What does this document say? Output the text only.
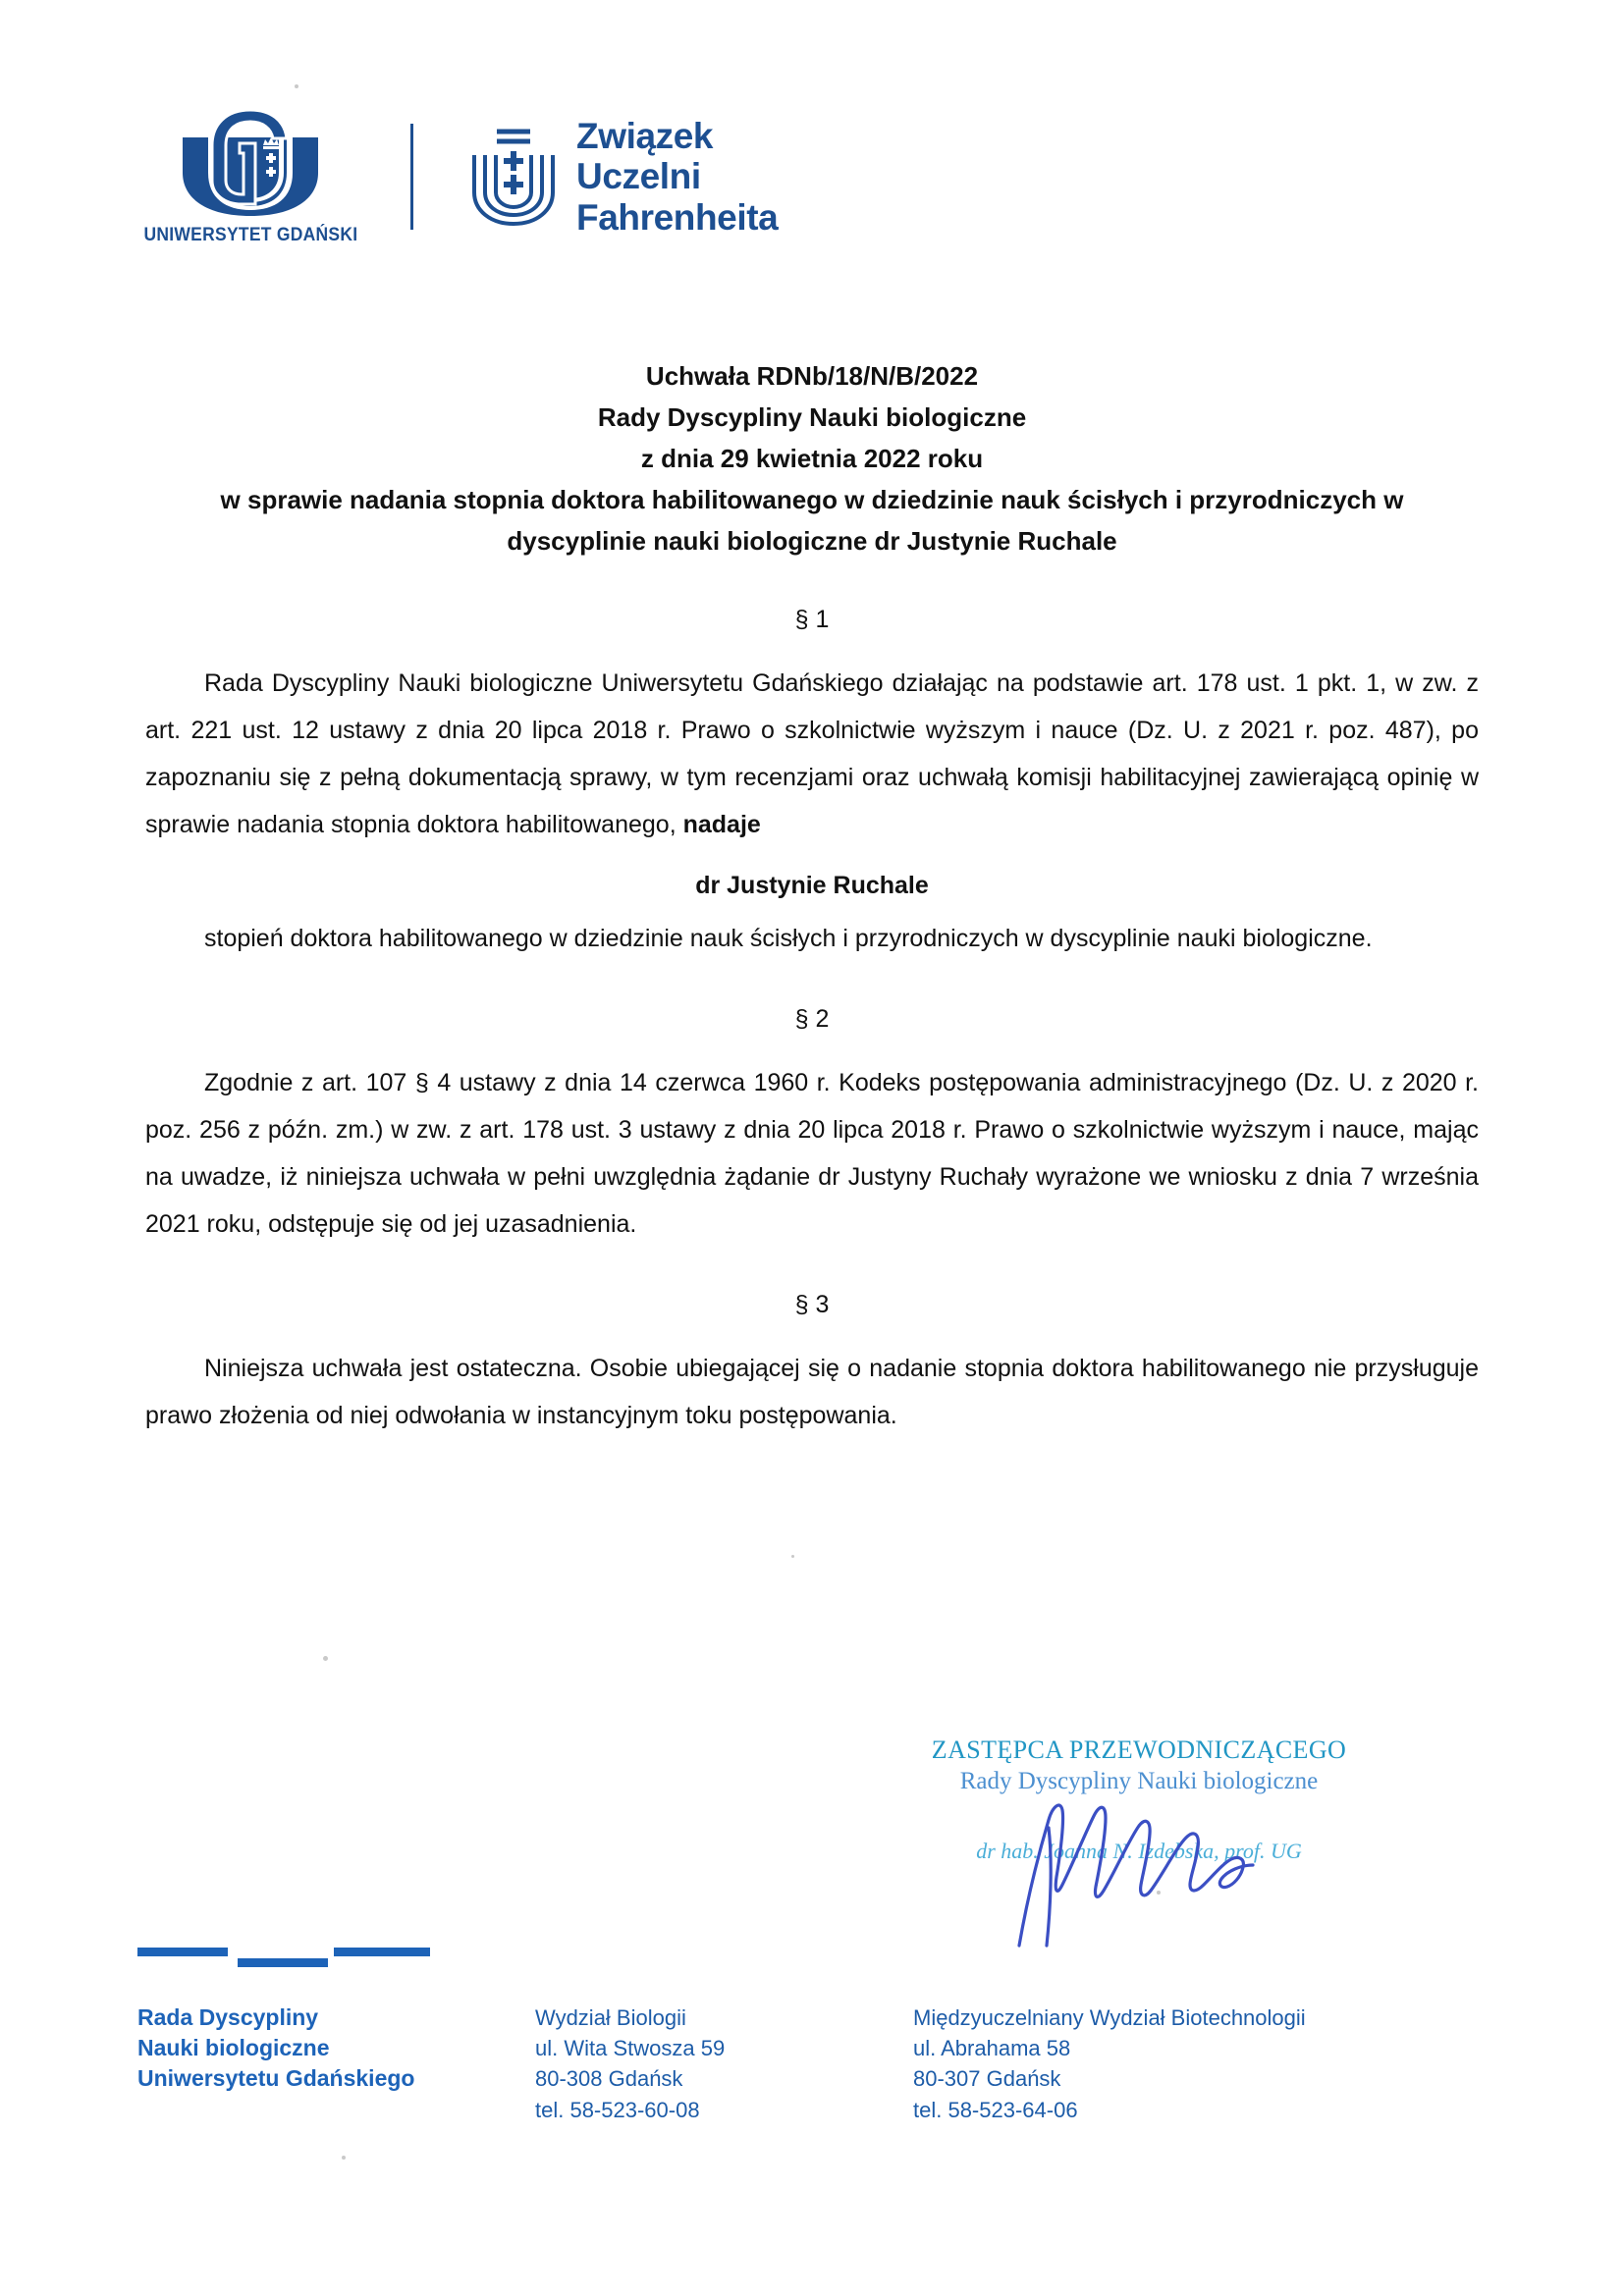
UNIWERSYTET GDAŃSKI
Związek
Uczelni
Fahrenheita
Uchwała RDNb/18/N/B/2022
Rady Dyscypliny Nauki biologiczne
z dnia 29 kwietnia 2022 roku
w sprawie nadania stopnia doktora habilitowanego w dziedzinie nauk ścisłych i przyrodniczych w
dyscyplinie nauki biologiczne dr Justynie Ruchale
§ 1

Rada Dyscypliny Nauki biologiczne Uniwersytetu Gdańskiego działając na podstawie art. 178 ust. 1 pkt. 1, w zw. z art. 221 ust. 12 ustawy z dnia 20 lipca 2018 r. Prawo o szkolnictwie wyższym i nauce (Dz. U. z 2021 r. poz. 487), po zapoznaniu się z pełną dokumentacją sprawy, w tym recenzjami oraz uchwałą komisji habilitacyjnej zawierającą opinię w sprawie nadania stopnia doktora habilitowanego, nadaje

dr Justynie Ruchale

stopień doktora habilitowanego w dziedzinie nauk ścisłych i przyrodniczych w dyscyplinie nauki biologiczne.

§ 2

Zgodnie z art. 107 § 4 ustawy z dnia 14 czerwca 1960 r. Kodeks postępowania administracyjnego (Dz. U. z 2020 r. poz. 256 z późn. zm.) w zw. z art. 178 ust. 3 ustawy z dnia 20 lipca 2018 r. Prawo o szkolnictwie wyższym i nauce, mając na uwadze, iż niniejsza uchwała w pełni uwzględnia żądanie dr Justyny Ruchały wyrażone we wniosku z dnia 7 września 2021 roku, odstępuje się od jej uzasadnienia.

§ 3

Niniejsza uchwała jest ostateczna. Osobie ubiegającej się o nadanie stopnia doktora habilitowanego nie przysługuje prawo złożenia od niej odwołania w instancyjnym toku postępowania.

ZASTĘPCA PRZEWODNICZĄCEGO
Rady Dyscypliny Nauki biologiczne
dr hab. Joanna N. Izdebska, prof. UG
Rada Dyscypliny
Nauki biologiczne
Uniwersytetu Gdańskiego
Wydział Biologii
ul. Wita Stwosza 59
80-308 Gdańsk
tel. 58-523-60-08
Międzyuczelniany Wydział Biotechnologii
ul. Abrahama 58
80-307 Gdańsk
tel. 58-523-64-06
